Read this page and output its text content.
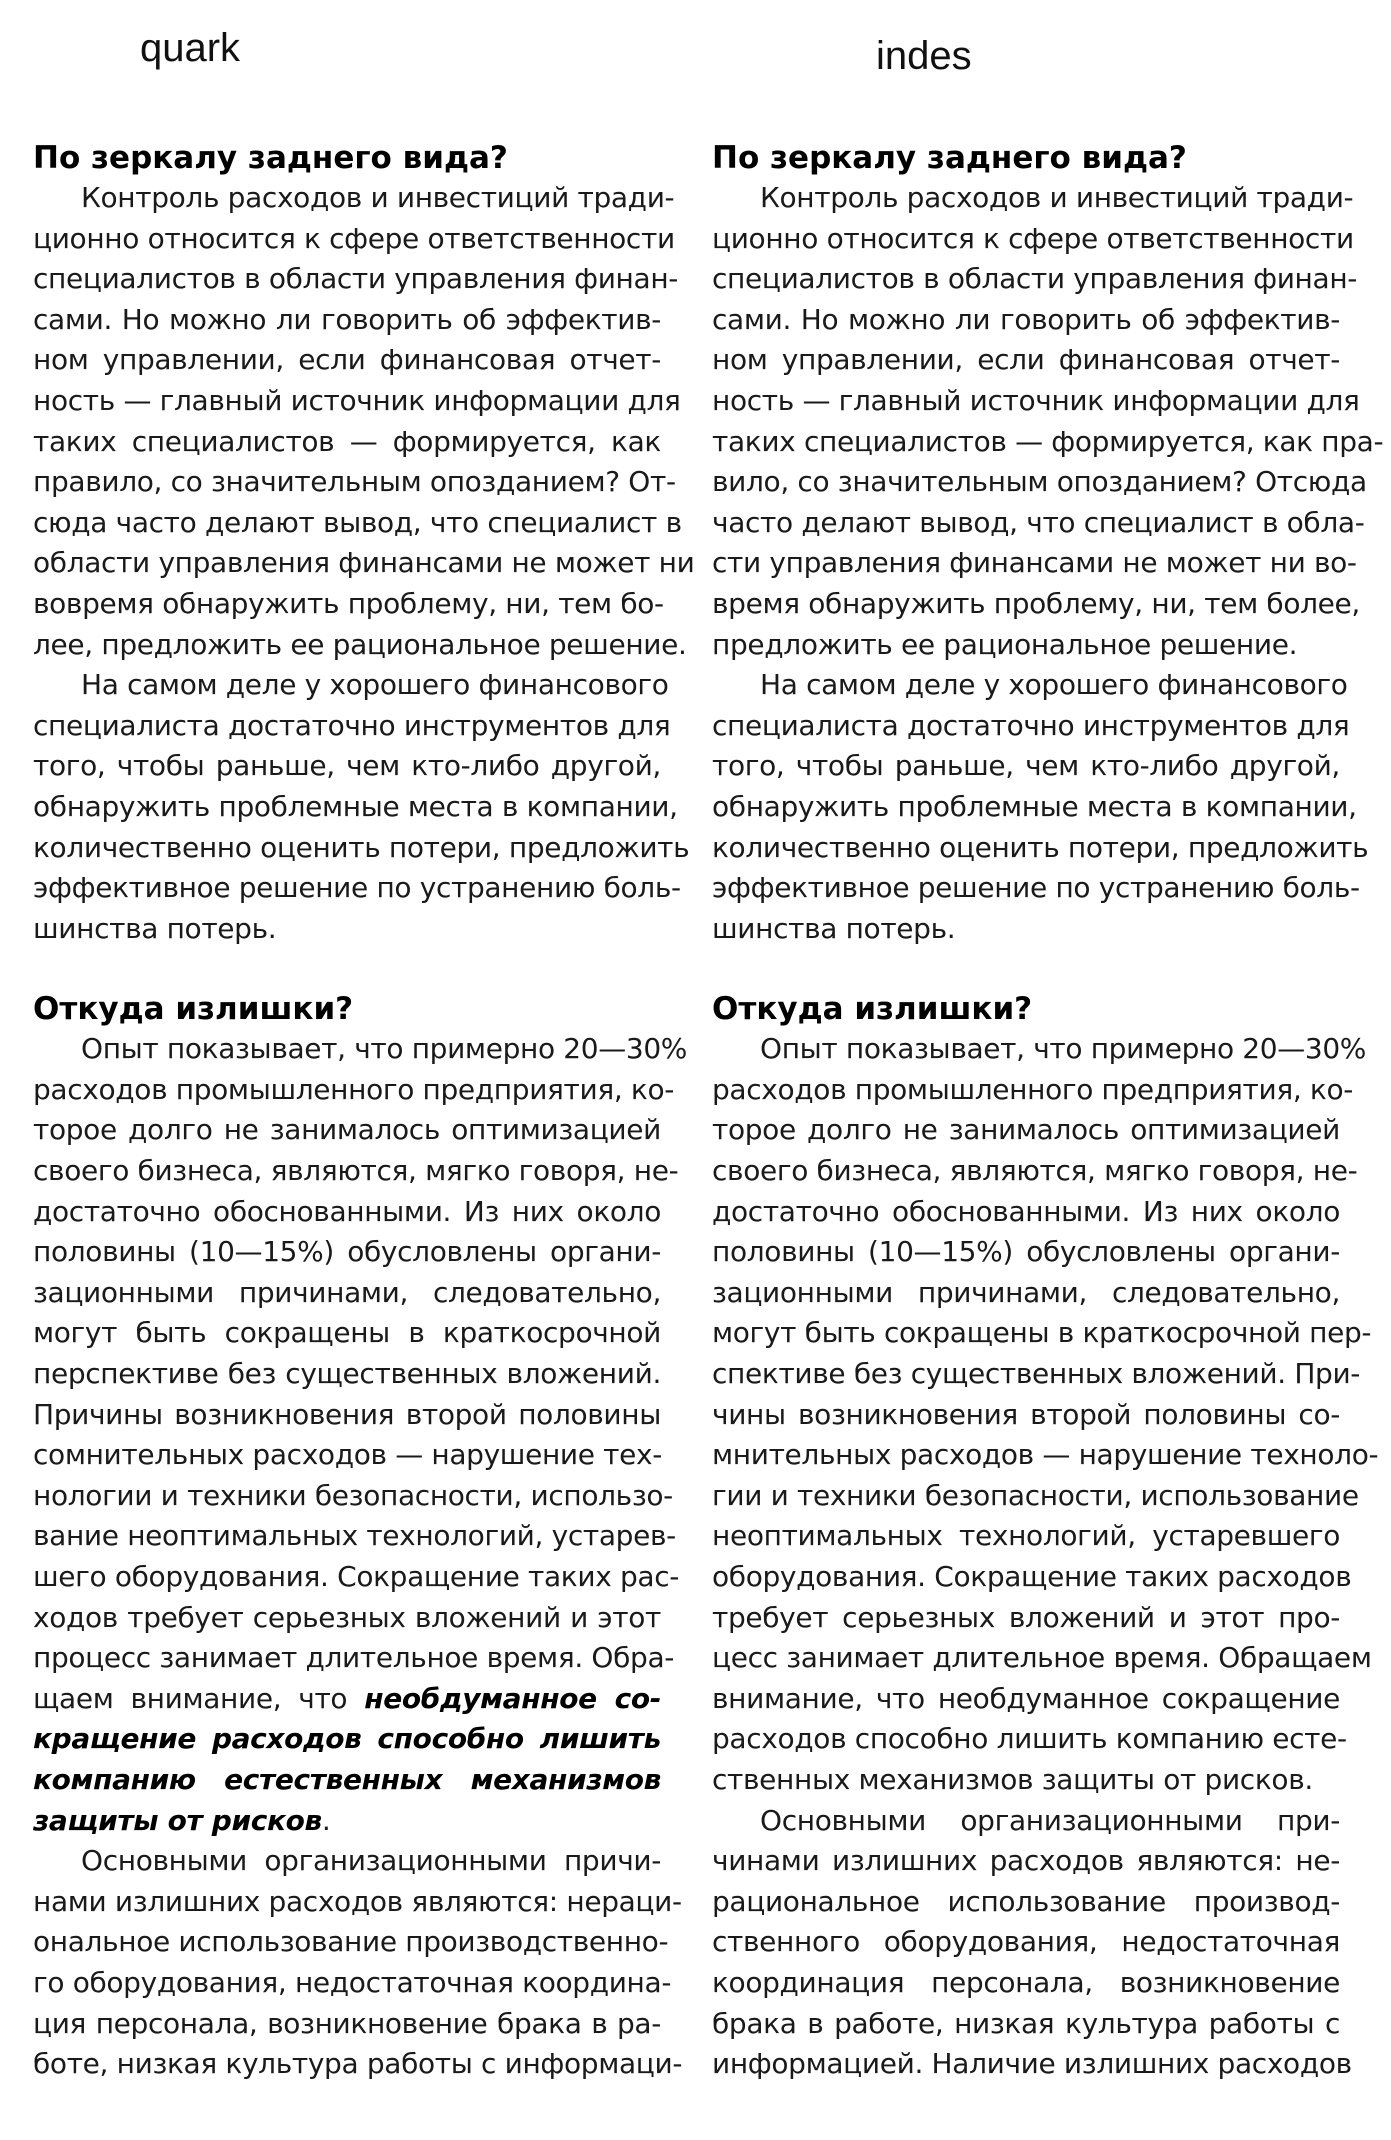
quark	indes
По зеркалу заднего вида?
Контроль расходов и инвестиций тради-
ционно относится к сфере ответственности
специалистов в области управления финан-
сами. Но можно ли говорить об эффектив-
ном управлении, если финансовая отчет-
ность — главный источник информации для
таких специалистов — формируется, как
правило, со значительным опозданием? От-
сюда часто делают вывод, что специалист в
области управления финансами не может ни
вовремя обнаружить проблему, ни, тем бо-
лее, предложить ее рациональное решение.
На самом деле у хорошего финансового
специалиста достаточно инструментов для
того, чтобы раньше, чем кто-либо другой,
обнаружить проблемные места в компании,
количественно оценить потери, предложить
эффективное решение по устранению боль-
шинства потерь.
Откуда излишки?
Опыт показывает, что примерно 20—30%
расходов промышленного предприятия, ко-
торое долго не занималось оптимизацией
своего бизнеса, являются, мягко говоря, не-
достаточно обоснованными. Из них около
половины (10—15%) обусловлены органи-
зационными причинами, следовательно,
могут быть сокращены в краткосрочной
перспективе без существенных вложений.
Причины возникновения второй половины
сомнительных расходов — нарушение тех-
нологии и техники безопасности, использо-
вание неоптимальных технологий, устарев-
шего оборудования. Сокращение таких рас-
ходов требует серьезных вложений и этот
процесс занимает длительное время. Обра-
щаем внимание, что необдуманное со-
кращение расходов способно лишить
компанию естественных механизмов
защиты от рисков.
Основными организационными причи-
нами излишних расходов являются: нераци-
ональное использование производственно-
го оборудования, недостаточная координа-
ция персонала, возникновение брака в ра-
боте, низкая культура работы с информаци-
По зеркалу заднего вида?
Контроль расходов и инвестиций тради-
ционно относится к сфере ответственности
специалистов в области управления финан-
сами. Но можно ли говорить об эффектив-
ном управлении, если финансовая отчет-
ность — главный источник информации для
таких специалистов — формируется, как пра-
вило, со значительным опозданием? Отсюда
часто делают вывод, что специалист в обла-
сти управления финансами не может ни во-
время обнаружить проблему, ни, тем более,
предложить ее рациональное решение.
На самом деле у хорошего финансового
специалиста достаточно инструментов для
того, чтобы раньше, чем кто-либо другой,
обнаружить проблемные места в компании,
количественно оценить потери, предложить
эффективное решение по устранению боль-
шинства потерь.
Откуда излишки?
Опыт показывает, что примерно 20—30%
расходов промышленного предприятия, ко-
торое долго не занималось оптимизацией
своего бизнеса, являются, мягко говоря, не-
достаточно обоснованными. Из них около
половины (10—15%) обусловлены органи-
зационными причинами, следовательно,
могут быть сокращены в краткосрочной пер-
спективе без существенных вложений. При-
чины возникновения второй половины со-
мнительных расходов — нарушение техноло-
гии и техники безопасности, использование
неоптимальных технологий, устаревшего
оборудования. Сокращение таких расходов
требует серьезных вложений и этот про-
цесс занимает длительное время. Обращаем
внимание, что необдуманное сокращение
расходов способно лишить компанию есте-
ственных механизмов защиты от рисков.
Основными организационными при-
чинами излишних расходов являются: не-
рациональное использование производ-
ственного оборудования, недостаточная
координация персонала, возникновение
брака в работе, низкая культура работы с
информацией. Наличие излишних расходов
